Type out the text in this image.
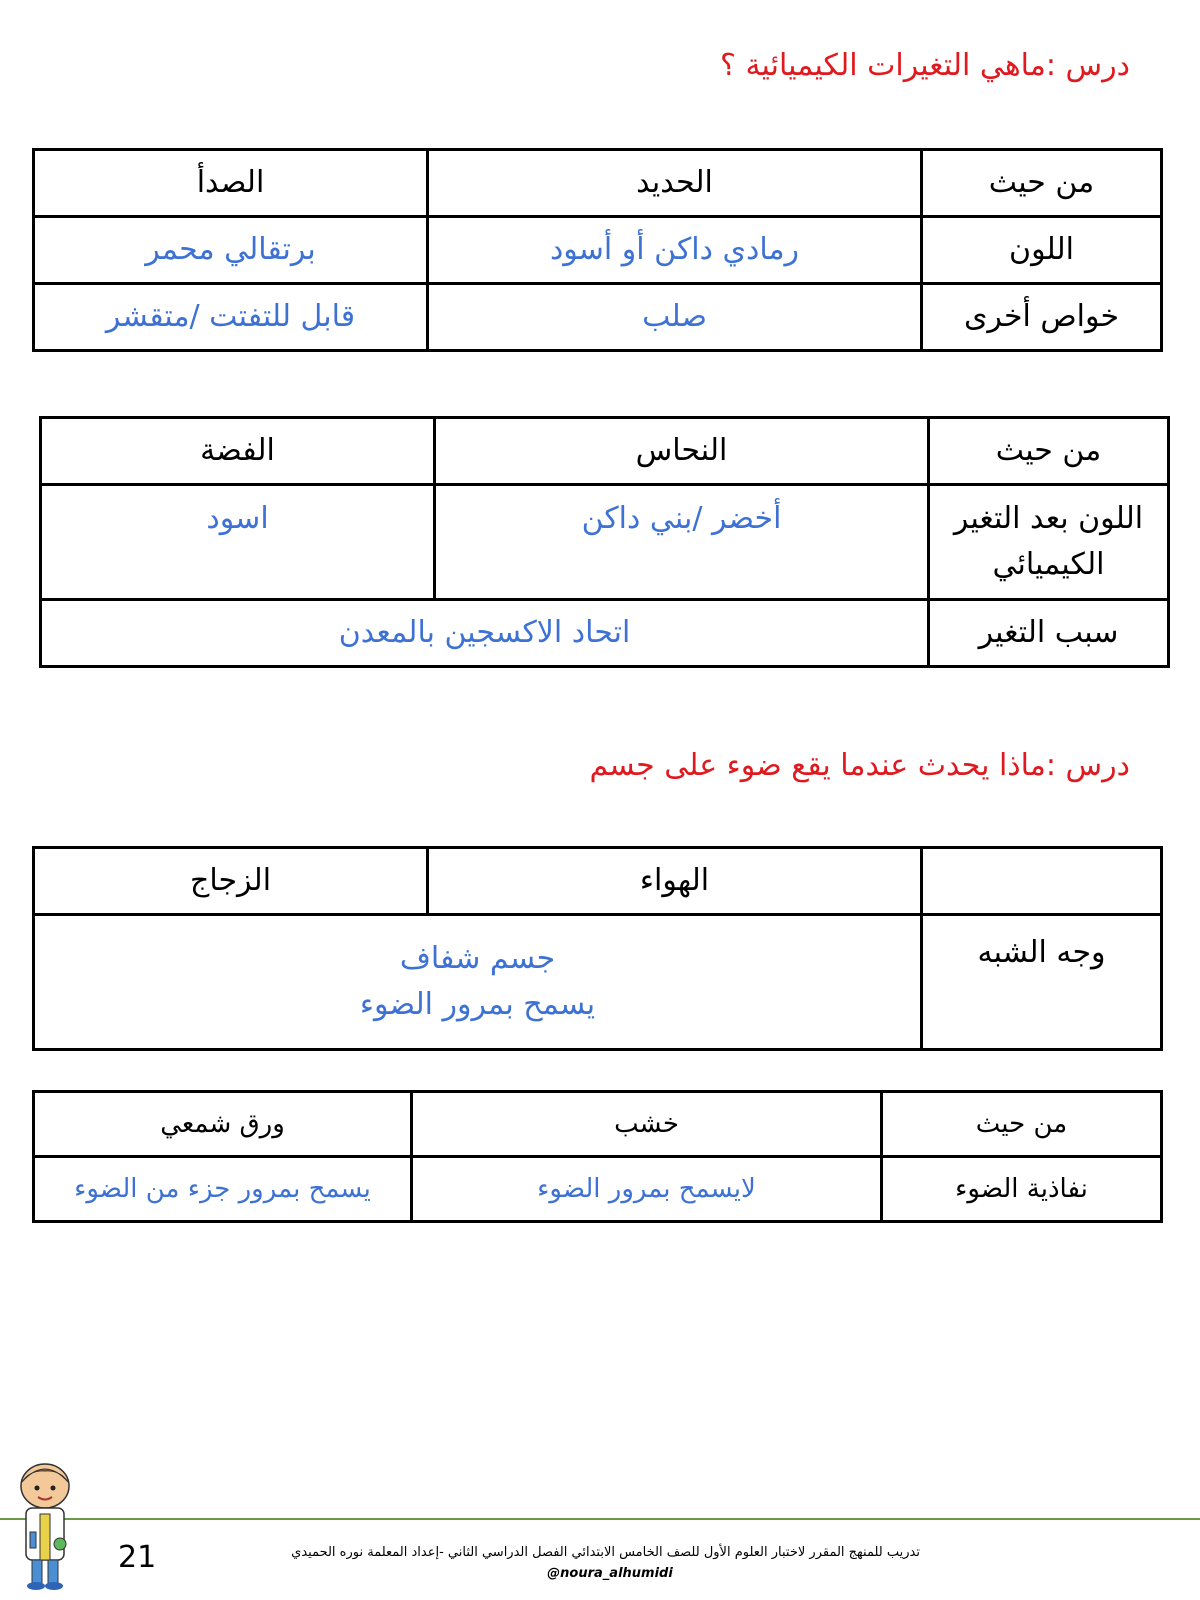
درس :ماهي التغيرات الكيميائية ؟
من حيث	الحديد	الصدأ
اللون	رمادي داكن أو أسود	برتقالي محمر
خواص أخرى	صلب	قابل للتفتت /متقشر
من حيث	النحاس	الفضة
اللون بعد التغير الكيميائي	أخضر /بني داكن	اسود
سبب التغير	اتحاد الاكسجين بالمعدن	
درس :ماذا يحدث عندما يقع ضوء على جسم
	الهواء	الزجاج
وجه الشبه	جسم شفاف
يسمح بمرور الضوء	
من حيث	خشب	ورق شمعي
نفاذية الضوء	لايسمح بمرور الضوء	يسمح بمرور جزء من الضوء
21	تدريب للمنهج المقرر لاختبار العلوم الأول للصف الخامس الابتدائي الفصل الدراسي الثاني -إعداد المعلمة نوره الحميدي
@noura_alhumidi
